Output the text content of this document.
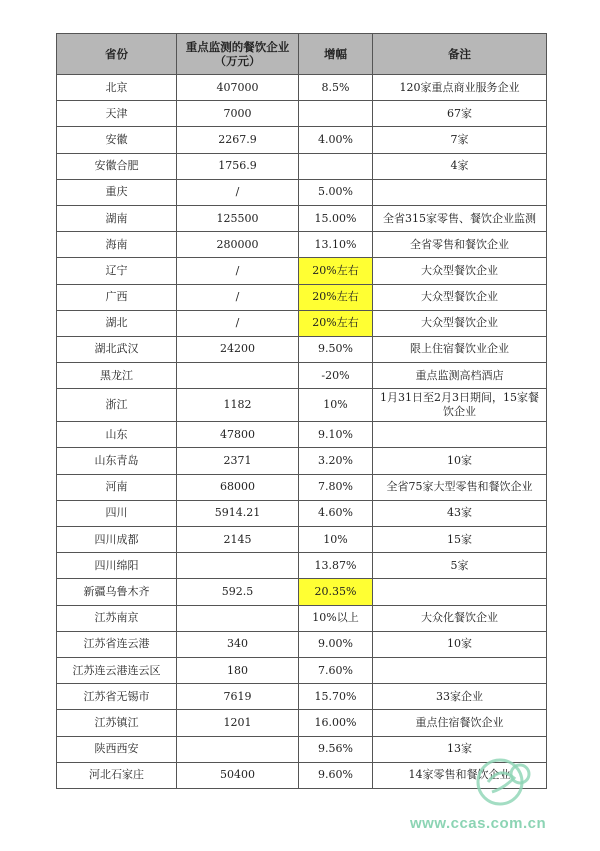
省份	重点监测的餐饮企业（万元）	增幅	备注
北京	407000	8.5%	120家重点商业服务企业
天津	7000		67家
安徽	2267.9	4.00%	7家
安徽合肥	1756.9		4家
重庆	/	5.00%	
湖南	125500	15.00%	全省315家零售、餐饮企业监测
海南	280000	13.10%	全省零售和餐饮企业
辽宁	/	20%左右	大众型餐饮企业
广西	/	20%左右	大众型餐饮企业
湖北	/	20%左右	大众型餐饮企业
湖北武汉	24200	9.50%	限上住宿餐饮业企业
黑龙江		-20%	重点监测高档酒店
浙江	1182	10%	1月31日至2月3日期间，15家餐饮企业
山东	47800	9.10%	
山东青岛	2371	3.20%	10家
河南	68000	7.80%	全省75家大型零售和餐饮企业
四川	5914.21	4.60%	43家
四川成都	2145	10%	15家
四川绵阳		13.87%	5家
新疆乌鲁木齐	592.5	20.35%	
江苏南京		10%以上	大众化餐饮企业
江苏省连云港	340	9.00%	10家
江苏连云港连云区	180	7.60%	
江苏省无锡市	7619	15.70%	33家企业
江苏镇江	1201	16.00%	重点住宿餐饮企业
陕西西安		9.56%	13家
河北石家庄	50400	9.60%	14家零售和餐饮企业
www.ccas.com.cn
